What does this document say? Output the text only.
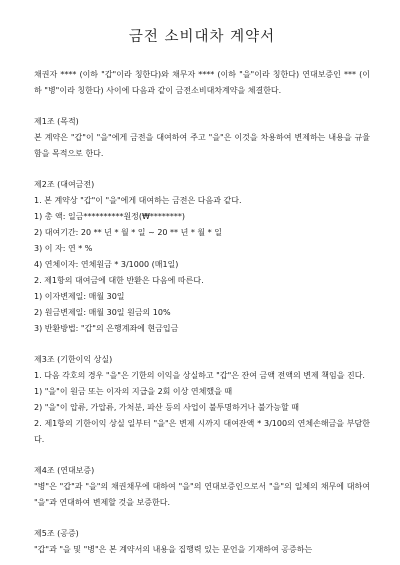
금전 소비대차 계약서

채권자 **** (이하 "갑"이라 칭한다)와 채무자 **** (이하 "을"이라 칭한다) 연대보증인 *** (이하 "병"이라 칭한다) 사이에 다음과 같이 금전소비대차계약을 체결한다.

제1조 (목적)

본 계약은 "갑"이 "을"에게 금전을 대여하여 주고 "을"은 이것을 차용하여 변제하는 내용을 규율함을 목적으로 한다.

제2조 (대여금전)

1. 본 계약상 "갑"이 "을"에게 대여하는 금전은 다음과 같다.
1) 총 액: 일금**********원정(₩********)
2) 대여기간: 20 ** 년 * 월 * 일 ~ 20 ** 년 * 월 * 일
3) 이 자: 연 * %
4) 연체이자: 연체원금 * 3/1000 (매1일)
2. 제1항의 대여금에 대한 반환은 다음에 따른다.
1) 이자변제일: 매월 30일
2) 원금변제일: 매월 30일 원금의 10%
3) 반환방법: "갑"의 은행계좌에 현금입금

제3조 (기한이익 상실)

1. 다음 각호의 경우 "을"은 기한의 이익을 상실하고 "갑"은 잔여 금액 전액의 변제 책임을 진다.

1) "을"이 원금 또는 이자의 지급을 2회 이상 연체했을 때
2) "을"이 압류, 가압류, 가처분, 파산 등의 사업이 불투명하거나 불가능할 때

2. 제1항의 기한이익 상실 일부터 "을"은 변제 시까지 대여잔액 * 3/100의 연체손해금을 부담한다.

제4조 (연대보증)

"병"은 "갑"과 "을"의 채권채무에 대하여 "을"의 연대보증인으로서 "을"의 일체의 채무에 대하여 "을"과 연대하여 변제할 것을 보증한다.

제5조 (공증)

"갑"과 "을 및 "병"은 본 계약서의 내용을 집행력 있는 문언을 기재하여 공증하는
